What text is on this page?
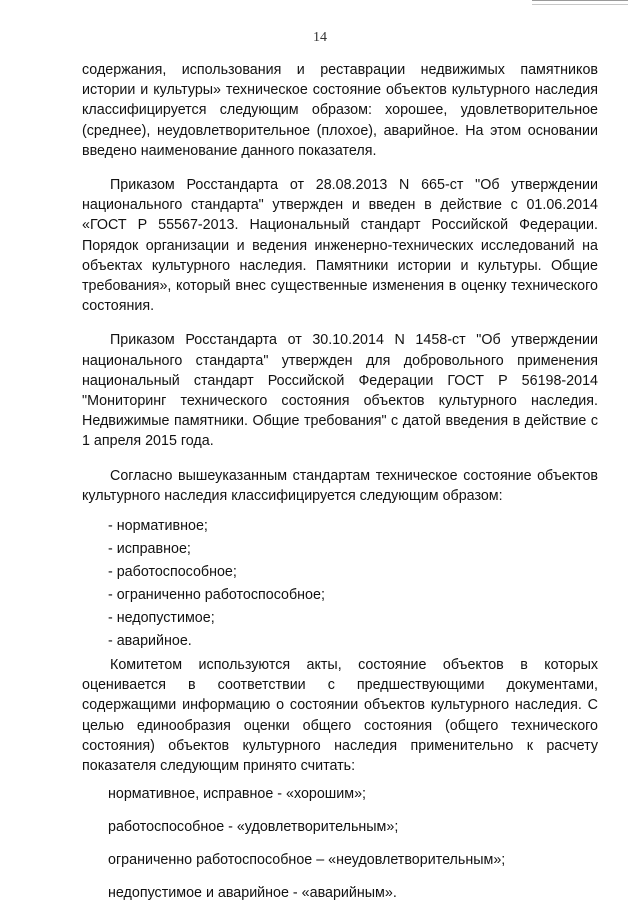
14

содержания, использования и реставрации недвижимых памятников истории и культуры» техническое состояние объектов культурного наследия классифицируется следующим образом: хорошее, удовлетворительное (среднее), неудовлетворительное (плохое), аварийное. На этом основании введено наименование данного показателя.

Приказом Росстандарта от 28.08.2013 N 665-ст "Об утверждении национального стандарта" утвержден и введен в действие с 01.06.2014 «ГОСТ Р 55567-2013. Национальный стандарт Российской Федерации. Порядок организации и ведения инженерно-технических исследований на объектах культурного наследия. Памятники истории и культуры. Общие требования», который внес существенные изменения в оценку технического состояния.

Приказом Росстандарта от 30.10.2014 N 1458-ст "Об утверждении национального стандарта" утвержден для добровольного применения национальный стандарт Российской Федерации ГОСТ Р 56198-2014 "Мониторинг технического состояния объектов культурного наследия. Недвижимые памятники. Общие требования" с датой введения в действие с 1 апреля 2015 года.

Согласно вышеуказанным стандартам техническое состояние объектов культурного наследия классифицируется следующим образом:

- нормативное;
- исправное;
- работоспособное;
- ограниченно работоспособное;
- недопустимое;
- аварийное.

Комитетом используются акты, состояние объектов в которых оценивается в соответствии с предшествующими документами, содержащими информацию о состоянии объектов культурного наследия. С целью единообразия оценки общего состояния (общего технического состояния) объектов культурного наследия применительно к расчету показателя следующим принято считать:

нормативное, исправное - «хорошим»;
работоспособное - «удовлетворительным»;
ограниченно работоспособное – «неудовлетворительным»;
недопустимое и аварийное - «аварийным».
